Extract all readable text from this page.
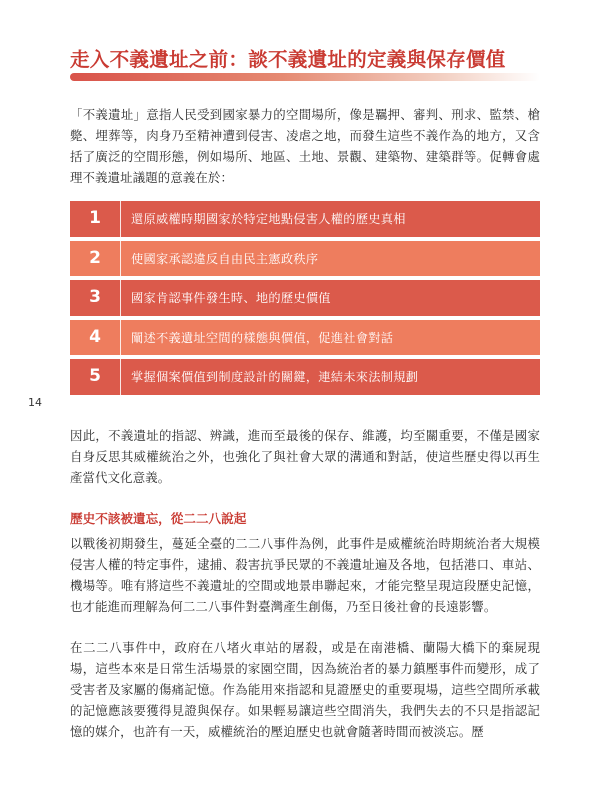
走入不義遺址之前：談不義遺址的定義與保存價值

「不義遺址」意指人民受到國家暴力的空間場所，像是羈押、審判、刑求、監禁、槍斃、埋葬等，肉身乃至精神遭到侵害、凌虐之地，而發生這些不義作為的地方，又含括了廣泛的空間形態，例如場所、地區、土地、景觀、建築物、建築群等。促轉會處理不義遺址議題的意義在於：

1	還原威權時期國家於特定地點侵害人權的歷史真相
2	使國家承認違反自由民主憲政秩序
3	國家肯認事件發生時、地的歷史價值
4	闡述不義遺址空間的樣態與價值，促進社會對話
5	掌握個案價值到制度設計的關鍵，連結未來法制規劃
14

因此，不義遺址的指認、辨識，進而至最後的保存、維護，均至關重要，不僅是國家自身反思其威權統治之外，也強化了與社會大眾的溝通和對話，使這些歷史得以再生產當代文化意義。

歷史不該被遺忘，從二二八說起

以戰後初期發生，蔓延全臺的二二八事件為例，此事件是威權統治時期統治者大規模侵害人權的特定事件，逮捕、殺害抗爭民眾的不義遺址遍及各地，包括港口、車站、機場等。唯有將這些不義遺址的空間或地景串聯起來，才能完整呈現這段歷史記憶，也才能進而理解為何二二八事件對臺灣產生創傷，乃至日後社會的長遠影響。

在二二八事件中，政府在八堵火車站的屠殺，或是在南港橋、蘭陽大橋下的棄屍現場，這些本來是日常生活場景的家園空間，因為統治者的暴力鎮壓事件而變形，成了受害者及家屬的傷痛記憶。作為能用來指認和見證歷史的重要現場，這些空間所承載的記憶應該要獲得見證與保存。如果輕易讓這些空間消失，我們失去的不只是指認記憶的媒介，也許有一天，威權統治的壓迫歷史也就會隨著時間而被淡忘。歷
